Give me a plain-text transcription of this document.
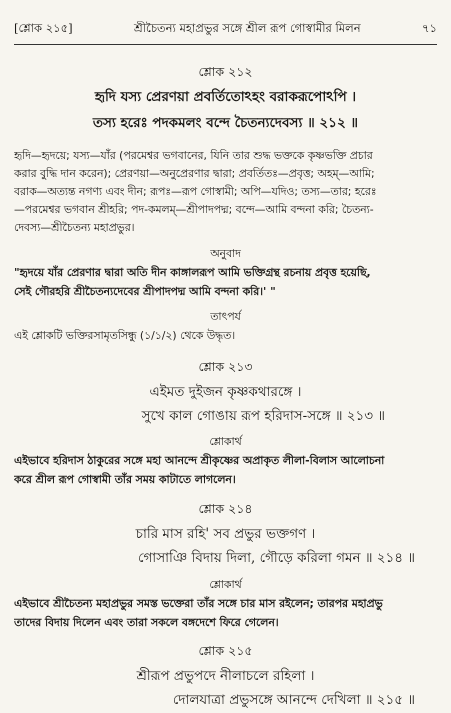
[শ্লোক ২১৫]	শ্রীচৈতন্য মহাপ্রভুর সঙ্গে শ্রীল রূপ গোস্বামীর মিলন	৭১
শ্লোক ২১২
হৃদি যস্য প্রেরণয়া প্রবর্তিতোঽহং বরাকরূপোঽপি ।
তস্য হরেঃ পদকমলং বন্দে চৈতন্যদেবস্য ॥ ২১২ ॥
হৃদি—হৃদয়ে; যস্য—যাঁর (পরমেশ্বর ভগবানের, যিনি তার শুদ্ধ ভক্তকে কৃষ্ণভক্তি প্রচার
করার বুদ্ধি দান করেন); প্রেরণয়া—অনুপ্রেরণার দ্বারা; প্রবর্তিতঃ—প্রবৃত্ত; অহম্—আমি;
বরাক—অত্যন্ত নগণ্য এবং দীন; রূপঃ—রূপ গোস্বামী; অপি—যদিও; তস্য—তার; হরেঃ
—পরমেশ্বর ভগবান শ্রীহরি; পদ-কমলম্—শ্রীপাদপদ্ম; বন্দে—আমি বন্দনা করি; চৈতন্য-
দেবস্য—শ্রীচৈতন্য মহাপ্রভুর।
অনুবাদ
"হৃদয়ে যাঁর প্রেরণার দ্বারা অতি দীন কাঙ্গালরূপ আমি ভক্তিগ্রন্থ রচনায় প্রবৃত্ত হয়েছি,
সেই গৌরহরি শ্রীচৈতন্যদেবের শ্রীপাদপদ্ম আমি বন্দনা করি।' "
তাৎপর্য
এই শ্লোকটি ভক্তিরসামৃতসিন্ধু (১/১/২) থেকে উদ্ধৃত।
শ্লোক ২১৩
এইমত দুইজন কৃষ্ণকথারঙ্গে ।
সুখে কাল গোঙায় রূপ হরিদাস-সঙ্গে ॥ ২১৩ ॥
শ্লোকার্থ
এইভাবে হরিদাস ঠাকুরের সঙ্গে মহা আনন্দে শ্রীকৃষ্ণের অপ্রাকৃত লীলা-বিলাস আলোচনা
করে শ্রীল রূপ গোস্বামী তাঁর সময় কাটাতে লাগলেন।
শ্লোক ২১৪
চারি মাস রহি' সব প্রভুর ভক্তগণ ।
গোসাঞি বিদায় দিলা, গৌড়ে করিলা গমন ॥ ২১৪ ॥
শ্লোকার্থ
এইভাবে শ্রীচৈতন্য মহাপ্রভুর সমস্ত ভক্তেরা তাঁর সঙ্গে চার মাস রইলেন; তারপর মহাপ্রভু
তাদের বিদায় দিলেন এবং তারা সকলে বঙ্গদেশে ফিরে গেলেন।
শ্লোক ২১৫
শ্রীরূপ প্রভুপদে নীলাচলে রহিলা ।
দোলযাত্রা প্রভুসঙ্গে আনন্দে দেখিলা ॥ ২১৫ ॥
